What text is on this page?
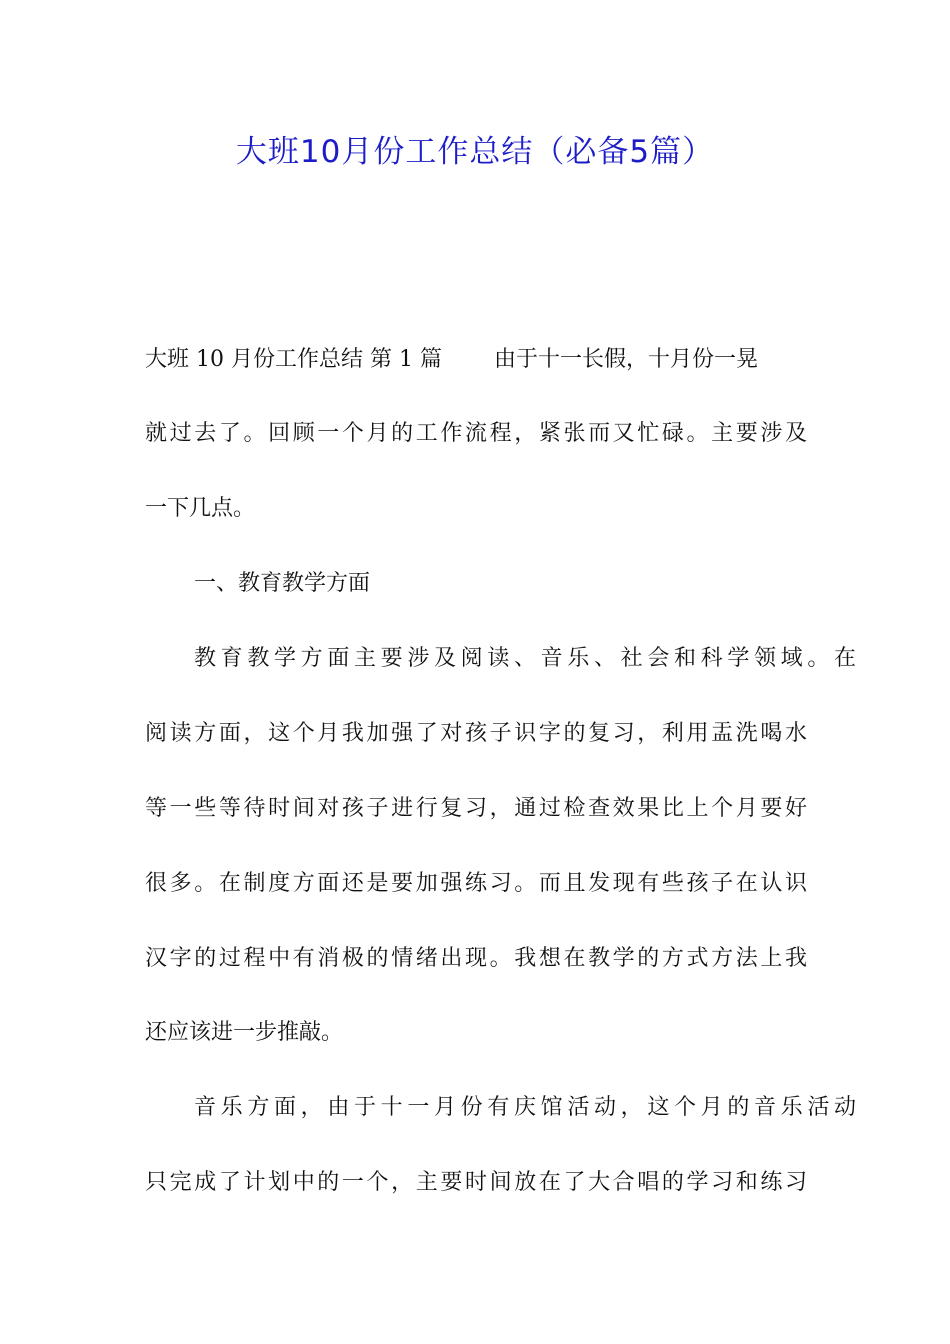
大班10月份工作总结（必备5篇）
大班 10 月份工作总结 第 1 篇 由于十一长假，十月份一晃
就过去了。回顾一个月的工作流程，紧张而又忙碌。主要涉及
一下几点。
一、教育教学方面
教育教学方面主要涉及阅读、音乐、社会和科学领域。在
阅读方面，这个月我加强了对孩子识字的复习，利用盂洗喝水
等一些等待时间对孩子进行复习，通过检查效果比上个月要好
很多。在制度方面还是要加强练习。而且发现有些孩子在认识
汉字的过程中有消极的情绪出现。我想在教学的方式方法上我
还应该进一步推敲。
音乐方面，由于十一月份有庆馆活动，这个月的音乐活动
只完成了计划中的一个，主要时间放在了大合唱的学习和练习
